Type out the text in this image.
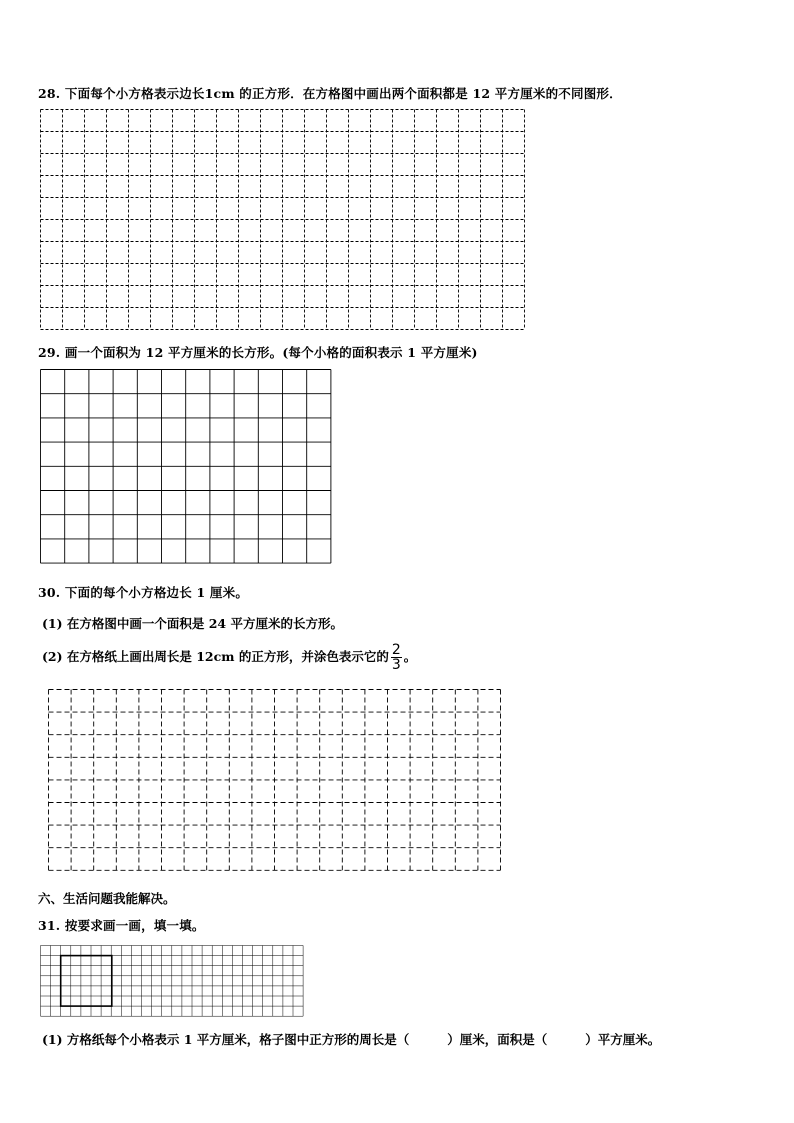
28. 下面每个小方格表示边长1cm 的正方形．在方格图中画出两个面积都是 12 平方厘米的不同图形．
29. 画一个面积为 12 平方厘米的长方形。(每个小格的面积表示 1 平方厘米)
30. 下面的每个小方格边长 1 厘米。
(1) 在方格图中画一个面积是 24 平方厘米的长方形。
(2) 在方格纸上画出周长是 12cm 的正方形，并涂色表示它的 $\frac{2}{3}$ 。
六、生活问题我能解决。
31. 按要求画一画，填一填。
(1) 方格纸每个小格表示 1 平方厘米，格子图中正方形的周长是（	）厘米，面积是（	）平方厘米。
